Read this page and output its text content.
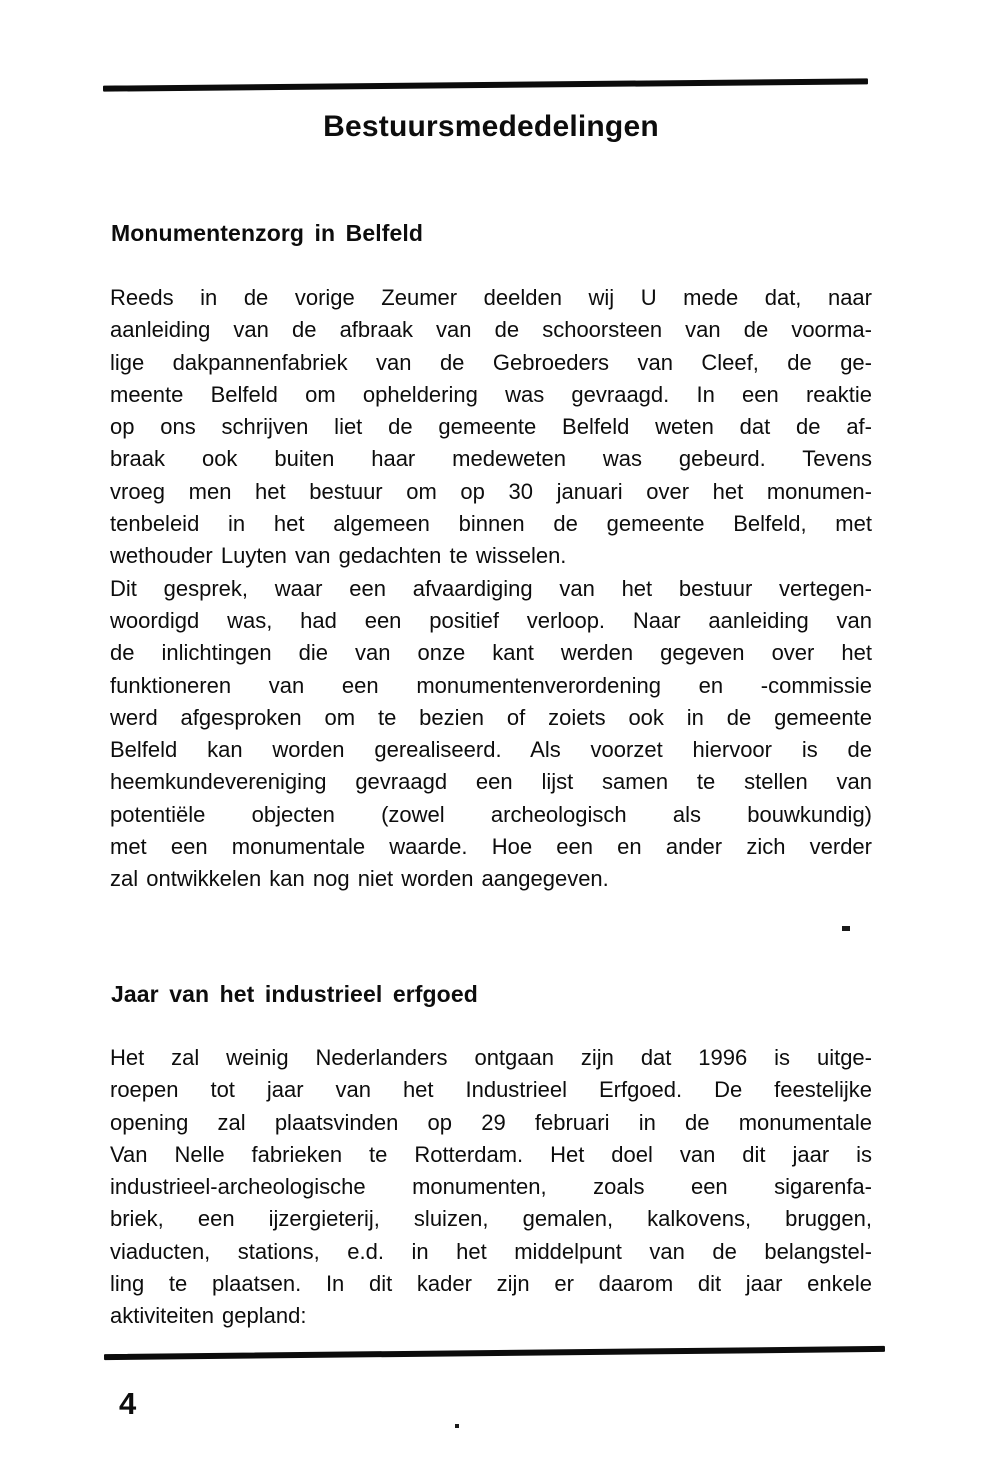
Bestuursmededelingen
Monumentenzorg in Belfeld
Reeds in de vorige Zeumer deelden wij U mede dat, naar
aanleiding van de afbraak van de schoorsteen van de voorma-
lige dakpannenfabriek van de Gebroeders van Cleef, de ge-
meente Belfeld om opheldering was gevraagd. In een reaktie
op ons schrijven liet de gemeente Belfeld weten dat de af-
braak ook buiten haar medeweten was gebeurd. Tevens
vroeg men het bestuur om op 30 januari over het monumen-
tenbeleid in het algemeen binnen de gemeente Belfeld, met
wethouder Luyten van gedachten te wisselen.
Dit gesprek, waar een afvaardiging van het bestuur vertegen-
woordigd was, had een positief verloop. Naar aanleiding van
de inlichtingen die van onze kant werden gegeven over het
funktioneren van een monumentenverordening en -commissie
werd afgesproken om te bezien of zoiets ook in de gemeente
Belfeld kan worden gerealiseerd. Als voorzet hiervoor is de
heemkundevereniging gevraagd een lijst samen te stellen van
potentiële objecten (zowel archeologisch als bouwkundig)
met een monumentale waarde. Hoe een en ander zich verder
zal ontwikkelen kan nog niet worden aangegeven.
Jaar van het industrieel erfgoed
Het zal weinig Nederlanders ontgaan zijn dat 1996 is uitge-
roepen tot jaar van het Industrieel Erfgoed. De feestelijke
opening zal plaatsvinden op 29 februari in de monumentale
Van Nelle fabrieken te Rotterdam. Het doel van dit jaar is
industrieel-archeologische monumenten, zoals een sigarenfa-
briek, een ijzergieterij, sluizen, gemalen, kalkovens, bruggen,
viaducten, stations, e.d. in het middelpunt van de belangstel-
ling te plaatsen. In dit kader zijn er daarom dit jaar enkele
aktiviteiten gepland:
4
